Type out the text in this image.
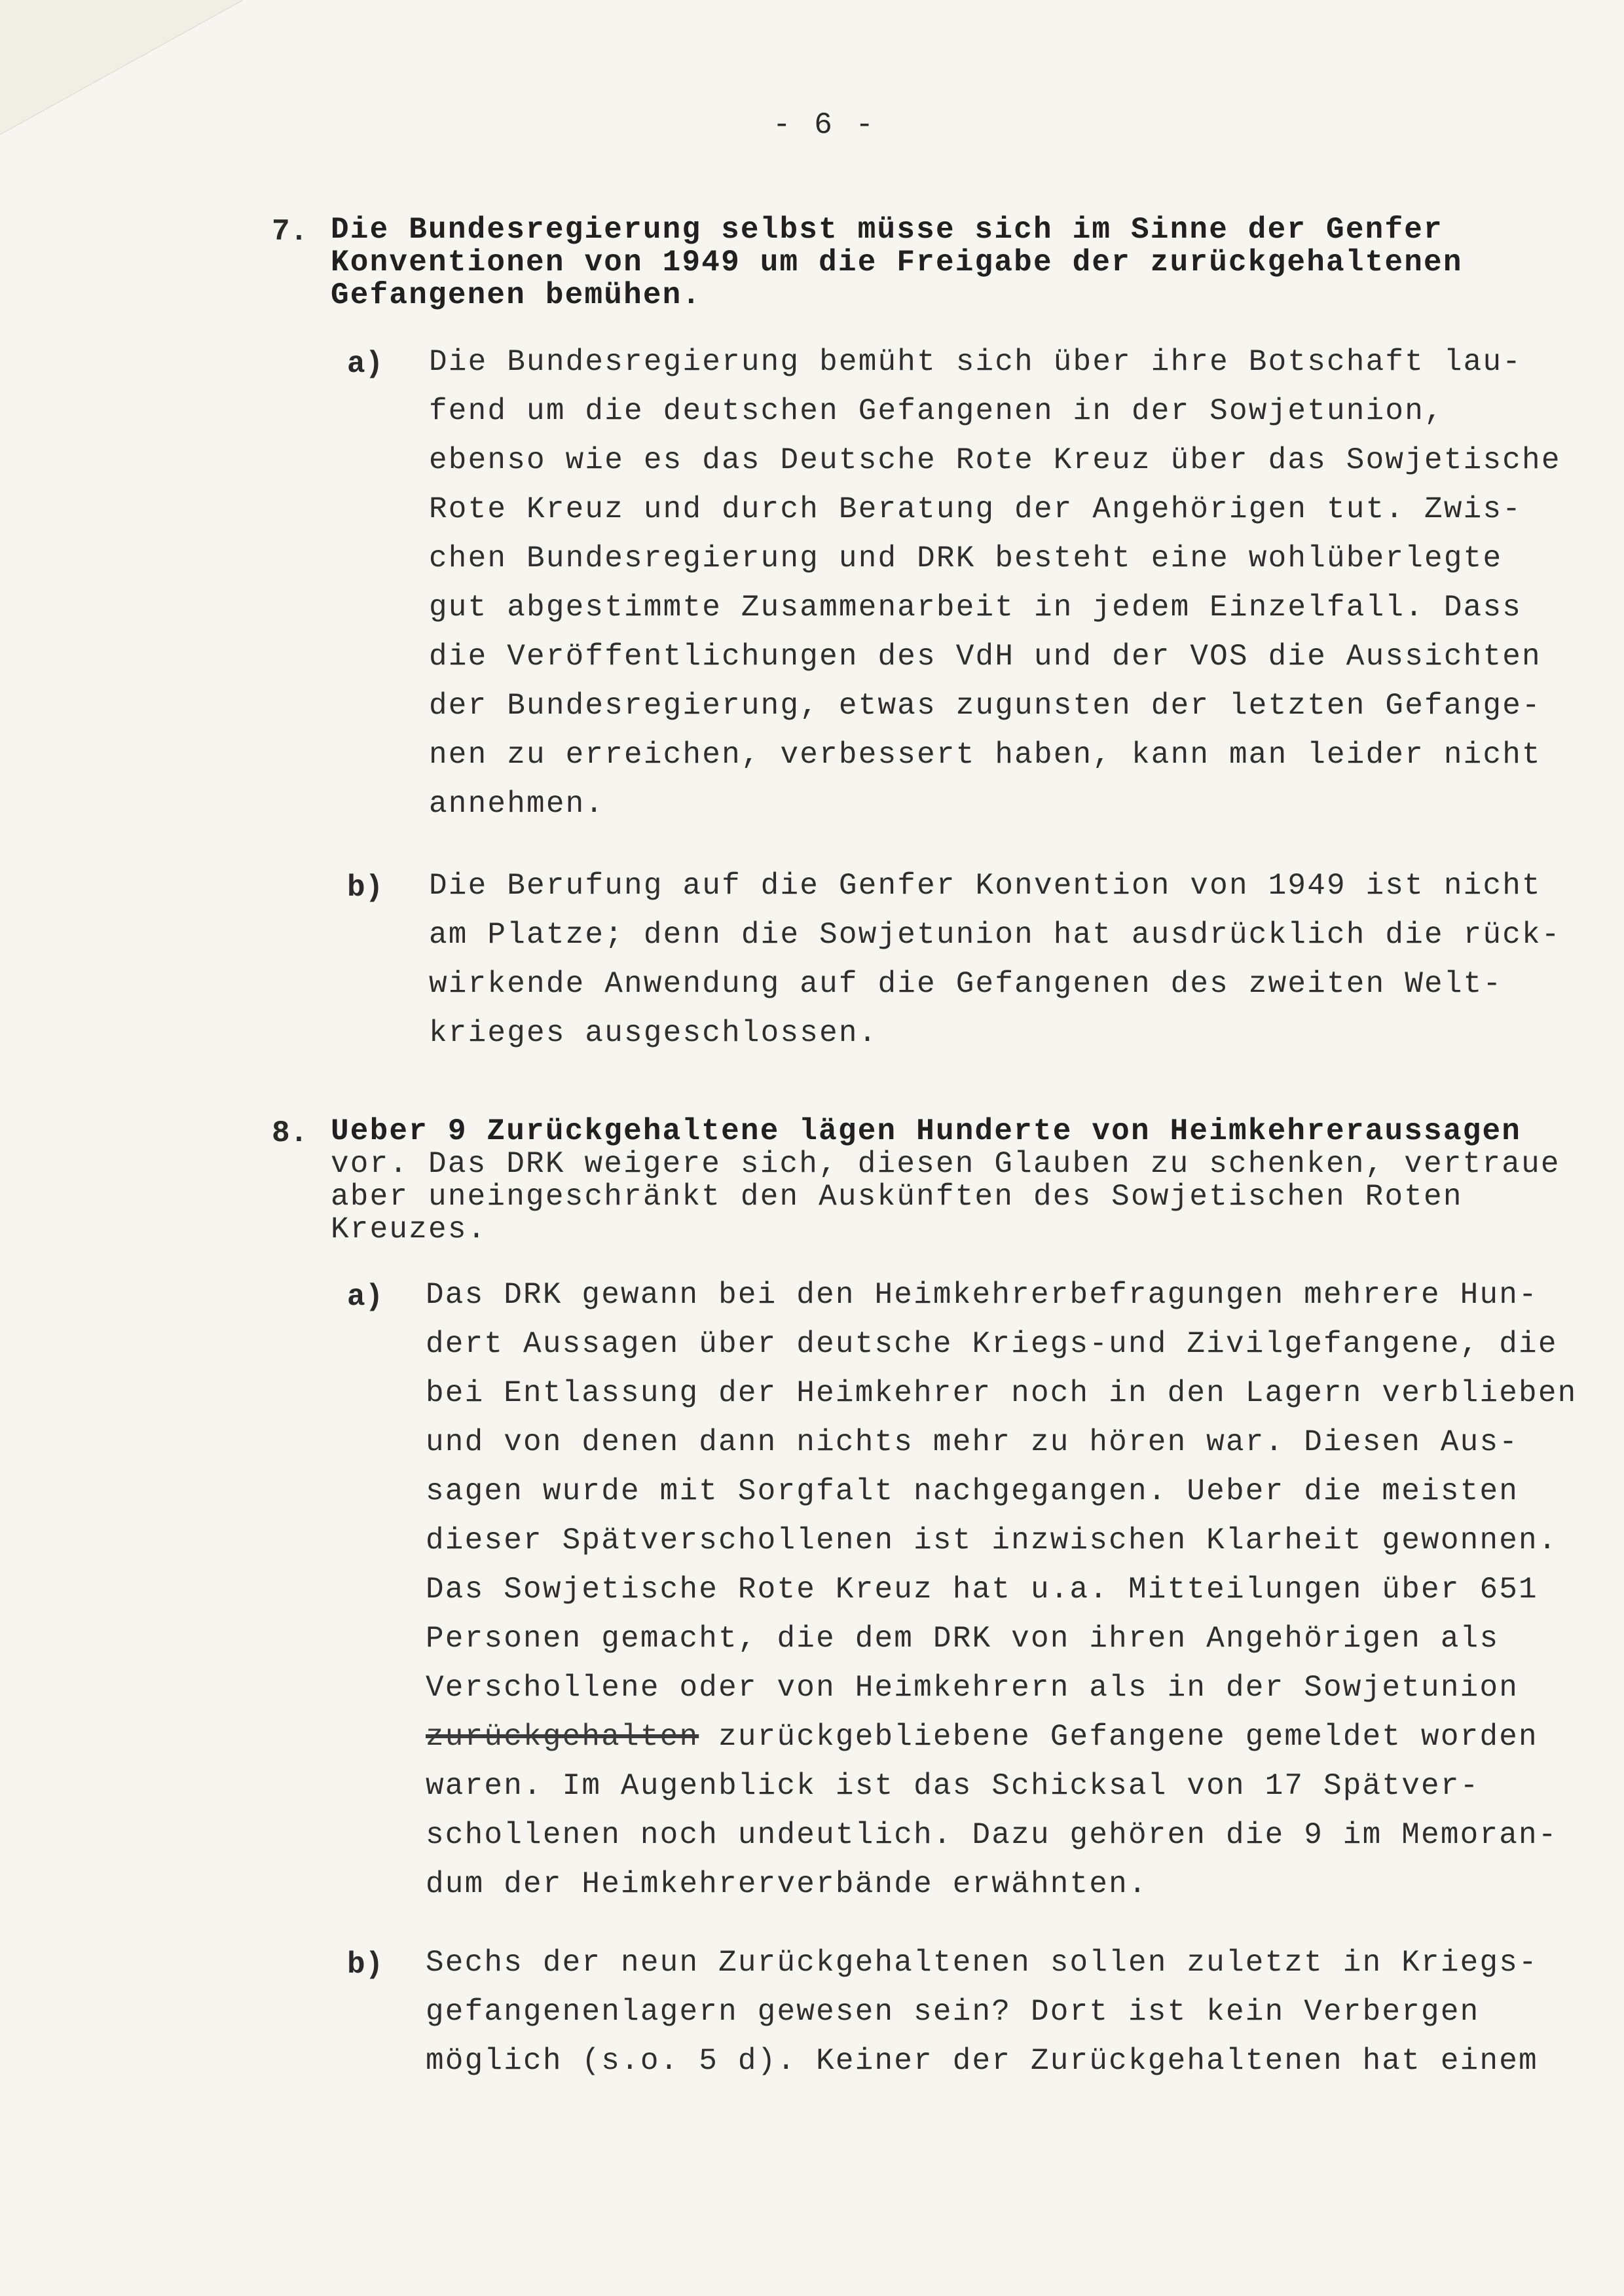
- 6 -
7. Die Bundesregierung selbst müsse sich im Sinne der Genfer
Konventionen von 1949 um die Freigabe der zurückgehaltenen
Gefangenen bemühen.
a) Die Bundesregierung bemüht sich über ihre Botschaft lau-
fend um die deutschen Gefangenen in der Sowjetunion,
ebenso wie es das Deutsche Rote Kreuz über das Sowjetische
Rote Kreuz und durch Beratung der Angehörigen tut. Zwis-
chen Bundesregierung und DRK besteht eine wohlüberlegte
gut abgestimmte Zusammenarbeit in jedem Einzelfall. Dass
die Veröffentlichungen des VdH und der VOS die Aussichten
der Bundesregierung, etwas zugunsten der letzten Gefange-
nen zu erreichen, verbessert haben, kann man leider nicht
annehmen.
b) Die Berufung auf die Genfer Konvention von 1949 ist nicht
am Platze; denn die Sowjetunion hat ausdrücklich die rück-
wirkende Anwendung auf die Gefangenen des zweiten Welt-
krieges ausgeschlossen.
8. Ueber 9 Zurückgehaltene lägen Hunderte von Heimkehreraussagen
vor. Das DRK weigere sich, diesen Glauben zu schenken, vertraue
aber uneingeschränkt den Auskünften des Sowjetischen Roten
Kreuzes.
a) Das DRK gewann bei den Heimkehrerbefragungen mehrere Hun-
dert Aussagen über deutsche Kriegs-und Zivilgefangene, die
bei Entlassung der Heimkehrer noch in den Lagern verblieben
und von denen dann nichts mehr zu hören war. Diesen Aus-
sagen wurde mit Sorgfalt nachgegangen. Ueber die meisten
dieser Spätverschollenen ist inzwischen Klarheit gewonnen.
Das Sowjetische Rote Kreuz hat u.a. Mitteilungen über 651
Personen gemacht, die dem DRK von ihren Angehörigen als
Verschollene oder von Heimkehrern als in der Sowjetunion
zurückgehalten zurückgebliebene Gefangene gemeldet worden
waren. Im Augenblick ist das Schicksal von 17 Spätver-
schollenen noch undeutlich. Dazu gehören die 9 im Memoran-
dum der Heimkehrerverbände erwähnten.
b) Sechs der neun Zurückgehaltenen sollen zuletzt in Kriegs-
gefangenenlagern gewesen sein? Dort ist kein Verbergen
möglich (s.o. 5 d). Keiner der Zurückgehaltenen hat einem
